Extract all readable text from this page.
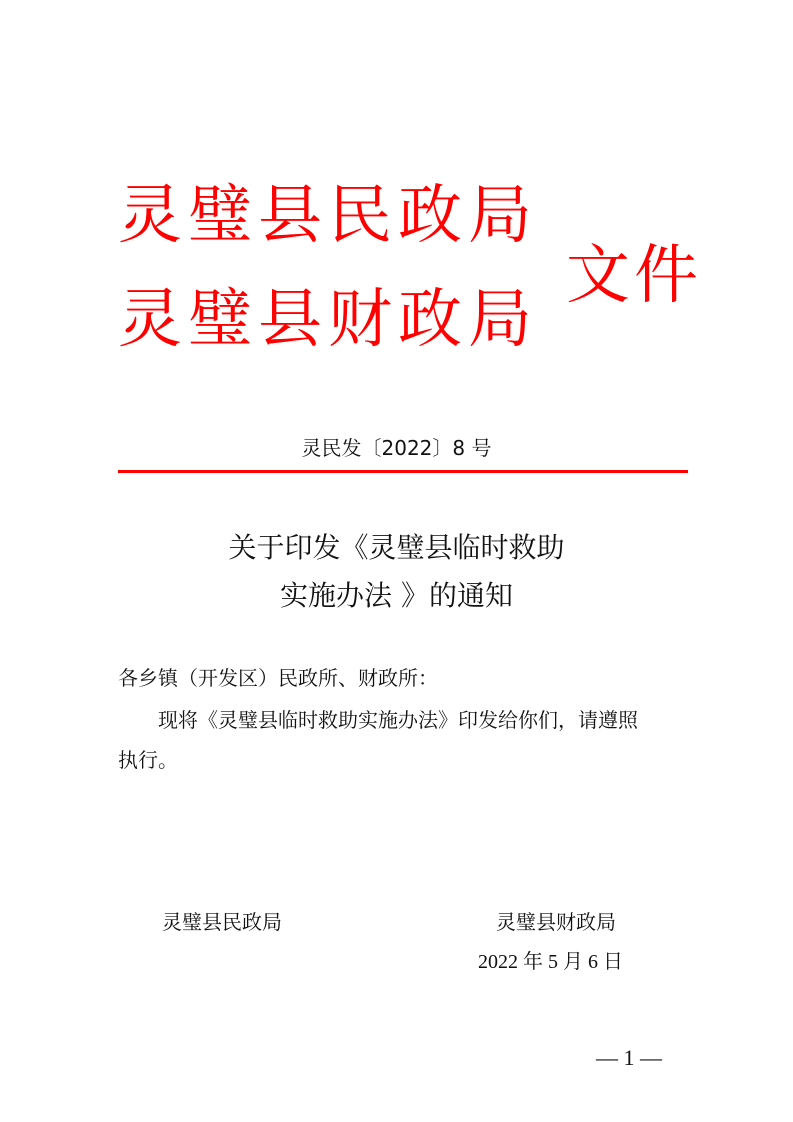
灵璧县民政局
灵璧县财政局
文件
灵民发〔2022〕8 号
关于印发《灵璧县临时救助
实施办法 》的通知
各乡镇（开发区）民政所、财政所：
现将《灵璧县临时救助实施办法》印发给你们，请遵照
执行。
灵璧县民政局	灵璧县财政局
2022 年 5 月 6 日
— 1 —
